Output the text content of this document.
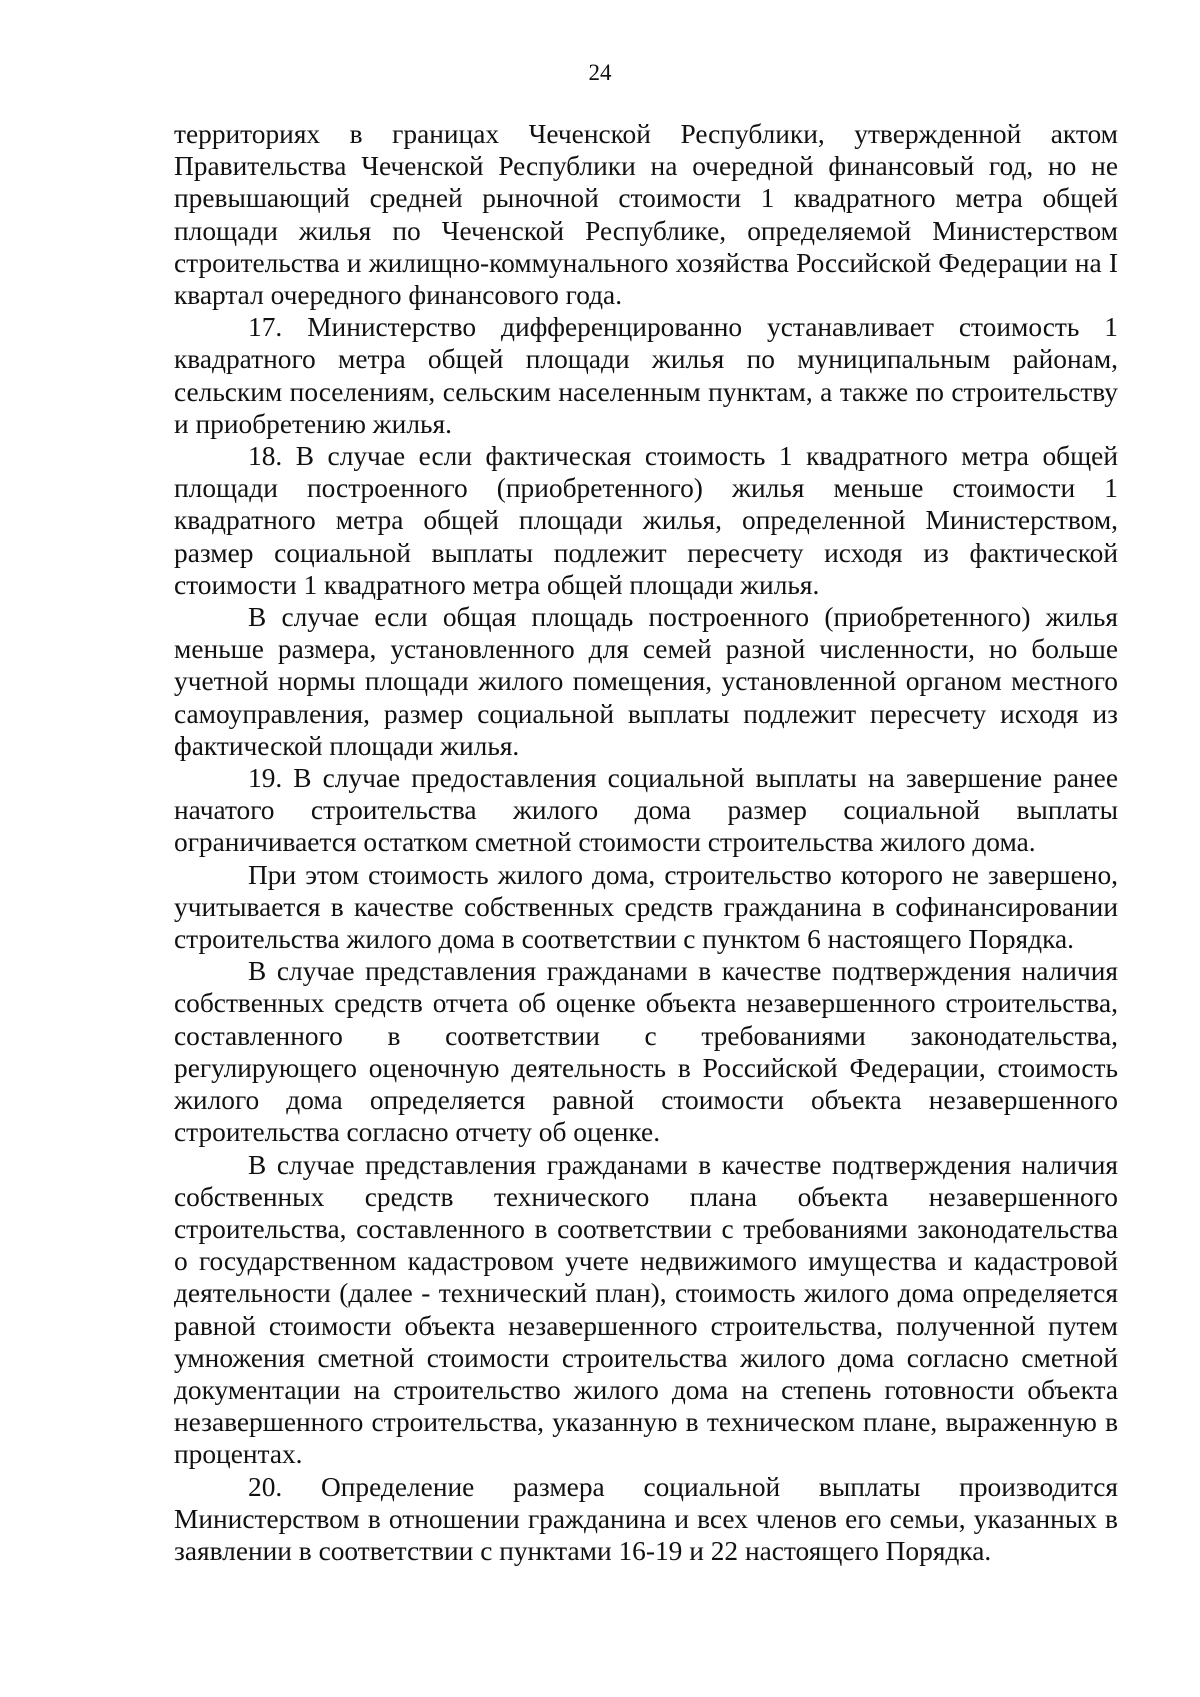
24

территориях в границах Чеченской Республики, утвержденной актом Правительства Чеченской Республики на очередной финансовый год, но не превышающий средней рыночной стоимости 1 квадратного метра общей площади жилья по Чеченской Республике, определяемой Министерством строительства и жилищно-коммунального хозяйства Российской Федерации на I квартал очередного финансового года.

17. Министерство дифференцированно устанавливает стоимость 1 квадратного метра общей площади жилья по муниципальным районам, сельским поселениям, сельским населенным пунктам, а также по строительству и приобретению жилья.

18. В случае если фактическая стоимость 1 квадратного метра общей площади построенного (приобретенного) жилья меньше стоимости 1 квадратного метра общей площади жилья, определенной Министерством, размер социальной выплаты подлежит пересчету исходя из фактической стоимости 1 квадратного метра общей площади жилья.

В случае если общая площадь построенного (приобретенного) жилья меньше размера, установленного для семей разной численности, но больше учетной нормы площади жилого помещения, установленной органом местного самоуправления, размер социальной выплаты подлежит пересчету исходя из фактической площади жилья.

19. В случае предоставления социальной выплаты на завершение ранее начатого строительства жилого дома размер социальной выплаты ограничивается остатком сметной стоимости строительства жилого дома.

При этом стоимость жилого дома, строительство которого не завершено, учитывается в качестве собственных средств гражданина в софинансировании строительства жилого дома в соответствии с пунктом 6 настоящего Порядка.

В случае представления гражданами в качестве подтверждения наличия собственных средств отчета об оценке объекта незавершенного строительства, составленного в соответствии с требованиями законодательства, регулирующего оценочную деятельность в Российской Федерации, стоимость жилого дома определяется равной стоимости объекта незавершенного строительства согласно отчету об оценке.

В случае представления гражданами в качестве подтверждения наличия собственных средств технического плана объекта незавершенного строительства, составленного в соответствии с требованиями законодательства о государственном кадастровом учете недвижимого имущества и кадастровой деятельности (далее - технический план), стоимость жилого дома определяется равной стоимости объекта незавершенного строительства, полученной путем умножения сметной стоимости строительства жилого дома согласно сметной документации на строительство жилого дома на степень готовности объекта незавершенного строительства, указанную в техническом плане, выраженную в процентах.

20. Определение размера социальной выплаты производится Министерством в отношении гражданина и всех членов его семьи, указанных в заявлении в соответствии с пунктами 16-19 и 22 настоящего Порядка.
